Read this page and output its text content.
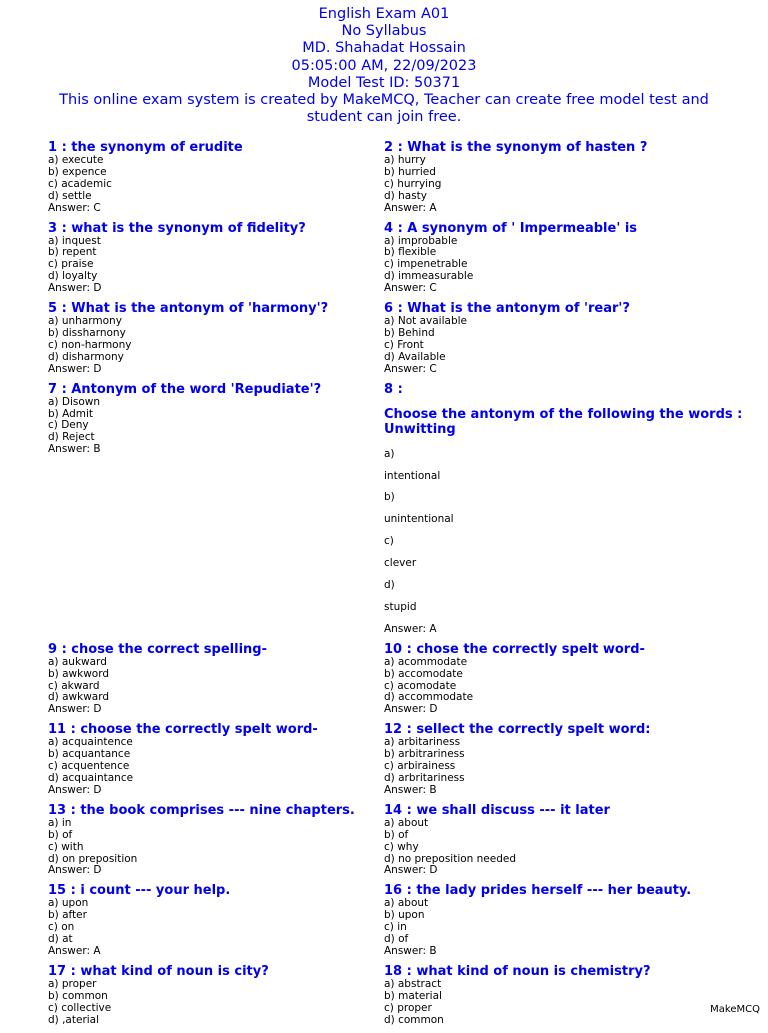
English Exam A01
No Syllabus
MD. Shahadat Hossain
05:05:00 AM, 22/09/2023
Model Test ID: 50371
This online exam system is created by MakeMCQ, Teacher can create free model test and student can join free.
1 : the synonym of erudite
a) execute
b) expence
c) academic
d) settle
Answer: C
2 : What is the synonym of hasten ?
a) hurry
b) hurried
c) hurrying
d) hasty
Answer: A
3 : what is the synonym of fidelity?
a) inquest
b) repent
c) praise
d) loyalty
Answer: D
4 : A synonym of ' Impermeable' is
a) improbable
b) flexible
c) impenetrable
d) immeasurable
Answer: C
5 : What is the antonym of 'harmony'?
a) unharmony
b) dissharnony
c) non-harmony
d) disharmony
Answer: D
6 : What is the antonym of 'rear'?
a) Not available
b) Behind
c) Front
d) Available
Answer: C
7 : Antonym of the word 'Repudiate'?
a) Disown
b) Admit
c) Deny
d) Reject
Answer: B
8 :
Choose the antonym of the following the words : Unwitting
a)
intentional
b)
unintentional
c)
clever
d)
stupid
Answer: A
9 : chose the correct spelling-
a) aukward
b) awkword
c) akward
d) awkward
Answer: D
10 : chose the correctly spelt word-
a) acommodate
b) accomodate
c) acomodate
d) accommodate
Answer: D
11 : choose the correctly spelt word-
a) acquaintence
b) acquantance
c) acquentence
d) acquaintance
Answer: D
12 : sellect the correctly spelt word:
a) arbitariness
b) arbitrariness
c) arbirainess
d) arbritariness
Answer: B
13 : the book comprises --- nine chapters.
a) in
b) of
c) with
d) on preposition
Answer: D
14 : we shall discuss --- it later
a) about
b) of
c) why
d) no preposition needed
Answer: D
15 : i count --- your help.
a) upon
b) after
c) on
d) at
Answer: A
16 : the lady prides herself --- her beauty.
a) about
b) upon
c) in
d) of
Answer: B
17 : what kind of noun is city?
a) proper
b) common
c) collective
d) ,aterial
18 : what kind of noun is chemistry?
a) abstract
b) material
c) proper
d) common
MakeMCQ
